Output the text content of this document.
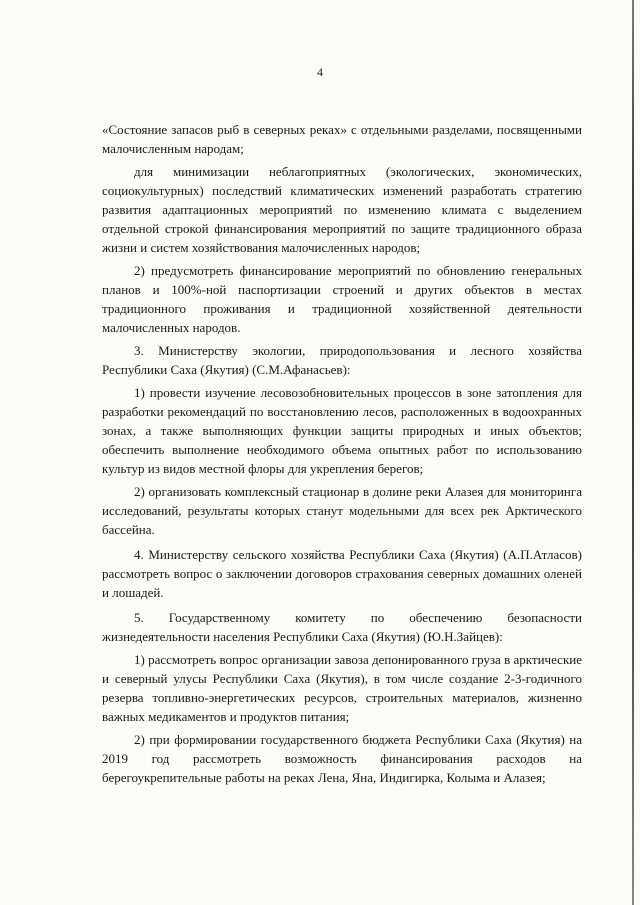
4

«Состояние запасов рыб в северных реках» с отдельными разделами, посвященными малочисленным народам;

для минимизации неблагоприятных (экологических, экономических, социокультурных) последствий климатических изменений разработать стратегию развития адаптационных мероприятий по изменению климата с выделением отдельной строкой финансирования мероприятий по защите традиционного образа жизни и систем хозяйствования малочисленных народов;

2) предусмотреть финансирование мероприятий по обновлению генеральных планов и 100%-ной паспортизации строений и других объектов в местах традиционного проживания и традиционной хозяйственной деятельности малочисленных народов.

3. Министерству экологии, природопользования и лесного хозяйства Республики Саха (Якутия) (С.М.Афанасьев):

1) провести изучение лесовозобновительных процессов в зоне затопления для разработки рекомендаций по восстановлению лесов, расположенных в водоохранных зонах, а также выполняющих функции защиты природных и иных объектов; обеспечить выполнение необходимого объема опытных работ по использованию культур из видов местной флоры для укрепления берегов;

2) организовать комплексный стационар в долине реки Алазея для мониторинга исследований, результаты которых станут модельными для всех рек Арктического бассейна.

4. Министерству сельского хозяйства Республики Саха (Якутия) (А.П.Атласов) рассмотреть вопрос о заключении договоров страхования северных домашних оленей и лошадей.

5. Государственному комитету по обеспечению безопасности жизнедеятельности населения Республики Саха (Якутия) (Ю.Н.Зайцев):

1) рассмотреть вопрос организации завоза депонированного груза в арктические и северный улусы Республики Саха (Якутия), в том числе создание 2-3-годичного резерва топливно-энергетических ресурсов, строительных материалов, жизненно важных медикаментов и продуктов питания;

2) при формировании государственного бюджета Республики Саха (Якутия) на 2019 год рассмотреть возможность финансирования расходов на берегоукрепительные работы на реках Лена, Яна, Индигирка, Колыма и Алазея;
